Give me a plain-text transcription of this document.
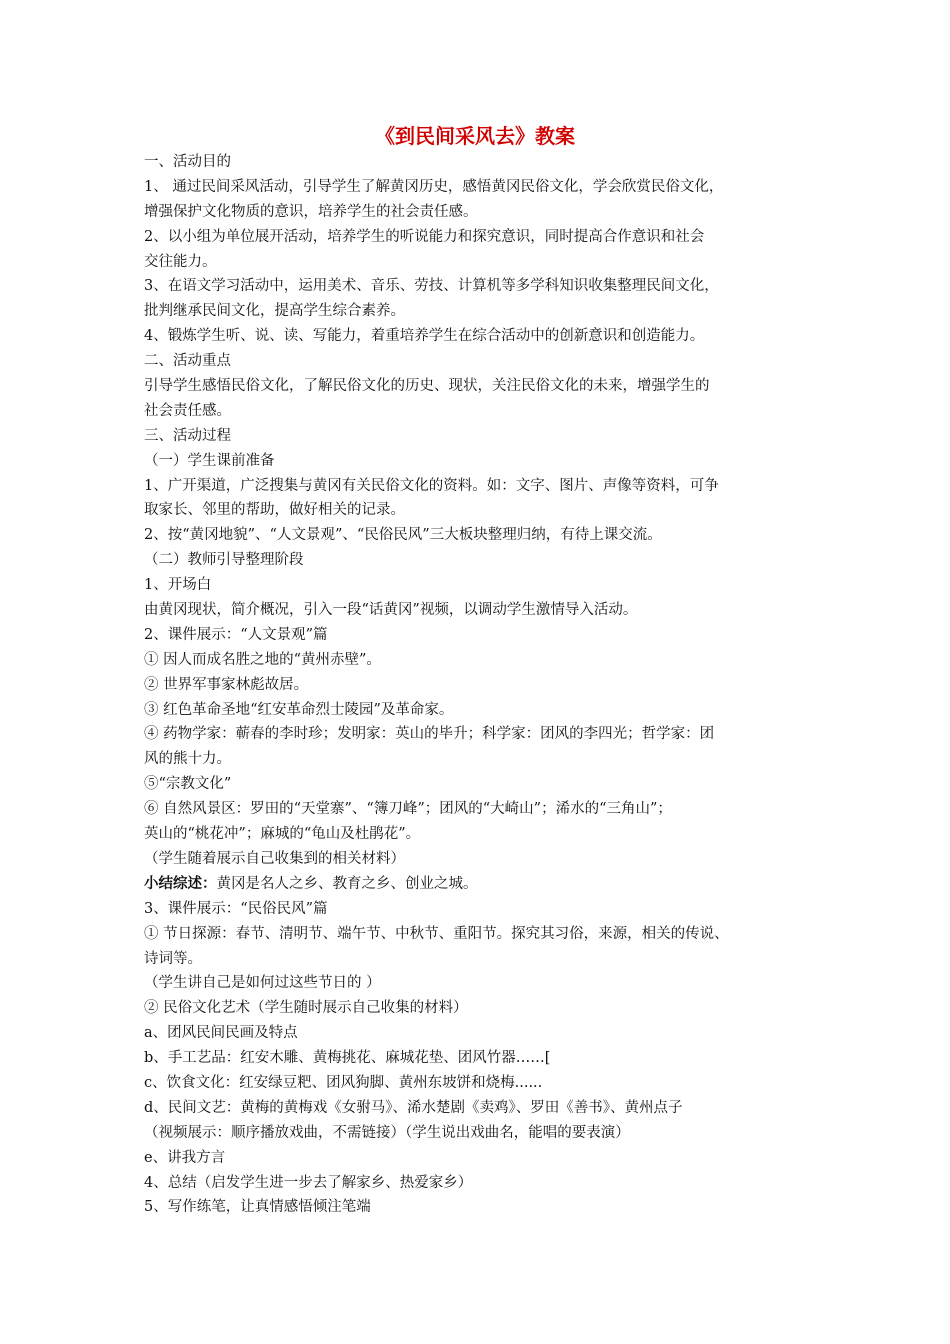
《到民间采风去》教案
一、活动目的
1、 通过民间采风活动，引导学生了解黄冈历史，感悟黄冈民俗文化，学会欣赏民俗文化，
增强保护文化物质的意识，培养学生的社会责任感。
2、以小组为单位展开活动，培养学生的听说能力和探究意识，同时提高合作意识和社会
交往能力。
3、在语文学习活动中，运用美术、音乐、劳技、计算机等多学科知识收集整理民间文化，
批判继承民间文化，提高学生综合素养。
4、锻炼学生听、说、读、写能力，着重培养学生在综合活动中的创新意识和创造能力。
二、活动重点
引导学生感悟民俗文化，了解民俗文化的历史、现状，关注民俗文化的未来，增强学生的
社会责任感。
三、活动过程
（一）学生课前准备
1、广开渠道，广泛搜集与黄冈有关民俗文化的资料。如：文字、图片、声像等资料，可争
取家长、邻里的帮助，做好相关的记录。
2、按“黄冈地貌”、“人文景观”、“民俗民风”三大板块整理归纳，有待上课交流。
（二）教师引导整理阶段
1、开场白
由黄冈现状，简介概况，引入一段“话黄冈”视频，以调动学生激情导入活动。
2、课件展示：“人文景观”篇
① 因人而成名胜之地的“黄州赤壁”。
② 世界军事家林彪故居。
③ 红色革命圣地“红安革命烈士陵园”及革命家。
④ 药物学家：蕲春的李时珍；发明家：英山的毕升；科学家：团风的李四光；哲学家：团
风的熊十力。
⑤“宗教文化”
⑥ 自然风景区：罗田的“天堂寨”、“簿刀峰”；团风的“大崎山”；浠水的“三角山”；
英山的“桃花冲”；麻城的“龟山及杜鹃花”。
（学生随着展示自己收集到的相关材料）
小结综述：黄冈是名人之乡、教育之乡、创业之城。
3、课件展示：“民俗民风”篇
① 节日探源：春节、清明节、端午节、中秋节、重阳节。探究其习俗，来源，相关的传说、
诗词等。
（学生讲自己是如何过这些节日的 ）
② 民俗文化艺术（学生随时展示自己收集的材料）
a、团风民间民画及特点
b、手工艺品：红安木雕、黄梅挑花、麻城花垫、团风竹器……[
c、饮食文化：红安绿豆粑、团风狗脚、黄州东坡饼和烧梅......
d、民间文艺：黄梅的黄梅戏《女驸马》、浠水楚剧《卖鸡》、罗田《善书》、黄州点子
（视频展示：顺序播放戏曲，不需链接）（学生说出戏曲名，能唱的要表演）
e、讲我方言
4、总结（启发学生进一步去了解家乡、热爱家乡）
5、写作练笔，让真情感悟倾注笔端
